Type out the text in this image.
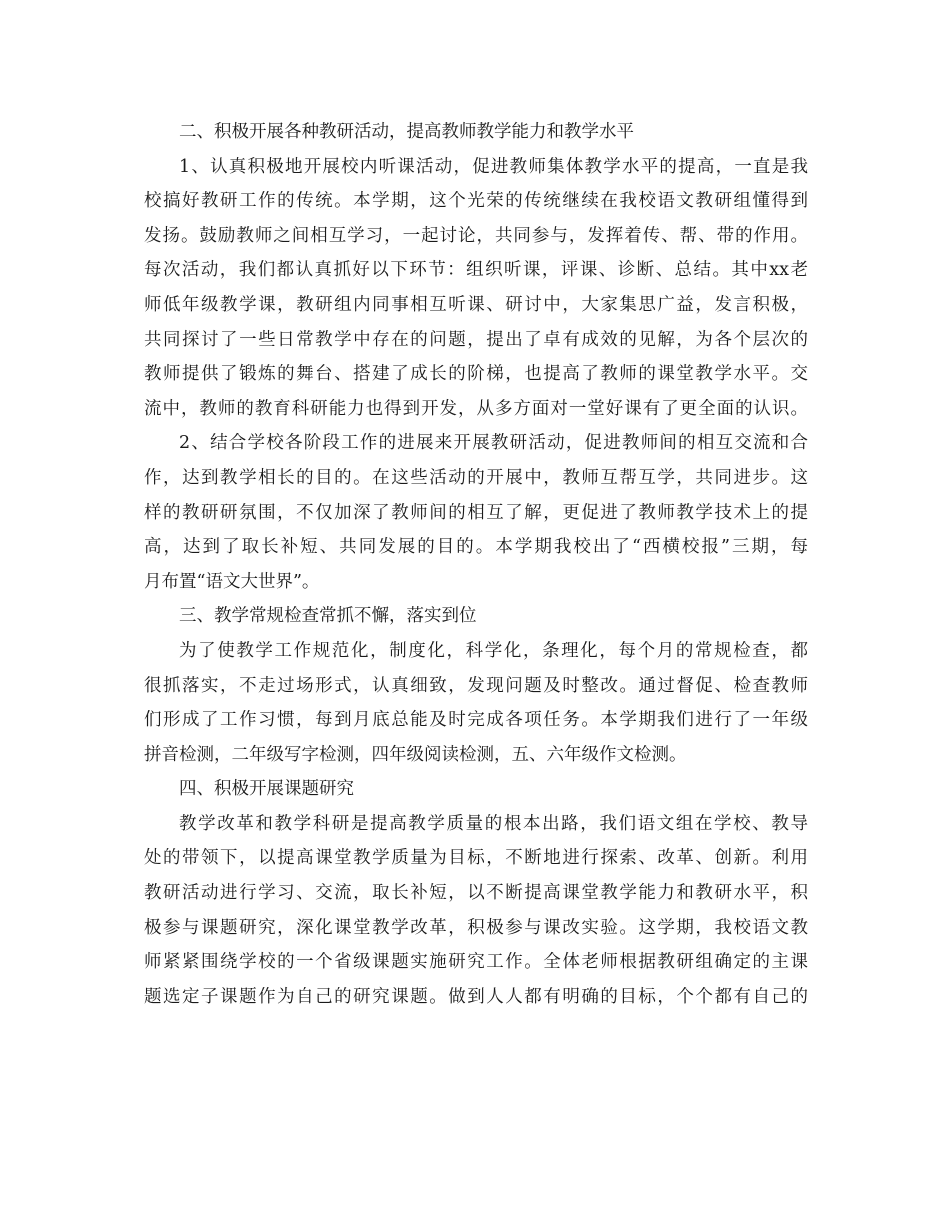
二、积极开展各种教研活动，提高教师教学能力和教学水平
1、认真积极地开展校内听课活动，促进教师集体教学水平的提高，一直是我
校搞好教研工作的传统。本学期，这个光荣的传统继续在我校语文教研组懂得到
发扬。鼓励教师之间相互学习，一起讨论，共同参与，发挥着传、帮、带的作用。
每次活动，我们都认真抓好以下环节：组织听课，评课、诊断、总结。其中xx老
师低年级教学课，教研组内同事相互听课、研讨中，大家集思广益，发言积极，
共同探讨了一些日常教学中存在的问题，提出了卓有成效的见解，为各个层次的
教师提供了锻炼的舞台、搭建了成长的阶梯，也提高了教师的课堂教学水平。交
流中，教师的教育科研能力也得到开发，从多方面对一堂好课有了更全面的认识。
2、结合学校各阶段工作的进展来开展教研活动，促进教师间的相互交流和合
作，达到教学相长的目的。在这些活动的开展中，教师互帮互学，共同进步。这
样的教研研氛围，不仅加深了教师间的相互了解，更促进了教师教学技术上的提
高，达到了取长补短、共同发展的目的。本学期我校出了“西横校报”三期，每
月布置“语文大世界”。
三、教学常规检查常抓不懈，落实到位
为了使教学工作规范化，制度化，科学化，条理化，每个月的常规检查，都
很抓落实，不走过场形式，认真细致，发现问题及时整改。通过督促、检查教师
们形成了工作习惯，每到月底总能及时完成各项任务。本学期我们进行了一年级
拼音检测，二年级写字检测，四年级阅读检测，五、六年级作文检测。
四、积极开展课题研究
教学改革和教学科研是提高教学质量的根本出路，我们语文组在学校、教导
处的带领下，以提高课堂教学质量为目标，不断地进行探索、改革、创新。利用
教研活动进行学习、交流，取长补短，以不断提高课堂教学能力和教研水平，积
极参与课题研究，深化课堂教学改革，积极参与课改实验。这学期，我校语文教
师紧紧围绕学校的一个省级课题实施研究工作。全体老师根据教研组确定的主课
题选定子课题作为自己的研究课题。做到人人都有明确的目标，个个都有自己的
